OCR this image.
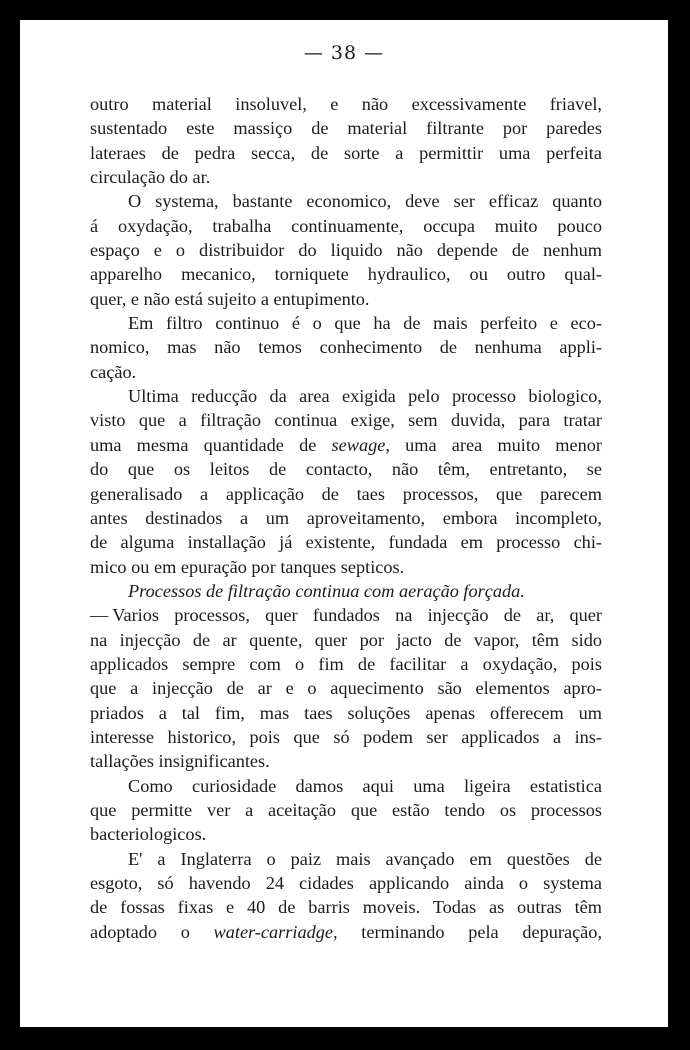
— 38 —

outro material insoluvel, e não excessivamente friavel,
sustentado este massiço de material filtrante por paredes
lateraes de pedra secca, de sorte a permittir uma perfeita
circulação do ar.

O systema, bastante economico, deve ser efficaz quanto
á oxydação, trabalha continuamente, occupa muito pouco
espaço e o distribuidor do liquido não depende de nenhum
apparelho mecanico, torniquete hydraulico, ou outro qual-
quer, e não está sujeito a entupimento.

Em filtro continuo é o que ha de mais perfeito e eco-
nomico, mas não temos conhecimento de nenhuma appli-
cação.

Ultima reducção da area exigida pelo processo biologico,
visto que a filtração continua exige, sem duvida, para tratar
uma mesma quantidade de sewage, uma area muito menor
do que os leitos de contacto, não têm, entretanto, se
generalisado a applicação de taes processos, que parecem
antes destinados a um aproveitamento, embora incompleto,
de alguma installação já existente, fundada em processo chi-
mico ou em epuração por tanques septicos.

Processos de filtração continua com aeração forçada.
— Varios processos, quer fundados na injecção de ar, quer
na injecção de ar quente, quer por jacto de vapor, têm sido
applicados sempre com o fim de facilitar a oxydação, pois
que a injecção de ar e o aquecimento são elementos apro-
priados a tal fim, mas taes soluções apenas offerecem um
interesse historico, pois que só podem ser applicados a ins-
tallações insignificantes.

Como curiosidade damos aqui uma ligeira estatistica
que permitte ver a aceitação que estão tendo os processos
bacteriologicos.

E' a Inglaterra o paiz mais avançado em questões de
esgoto, só havendo 24 cidades applicando ainda o systema
de fossas fixas e 40 de barris moveis. Todas as outras têm
adoptado o water-carriadge, terminando pela depuração,
